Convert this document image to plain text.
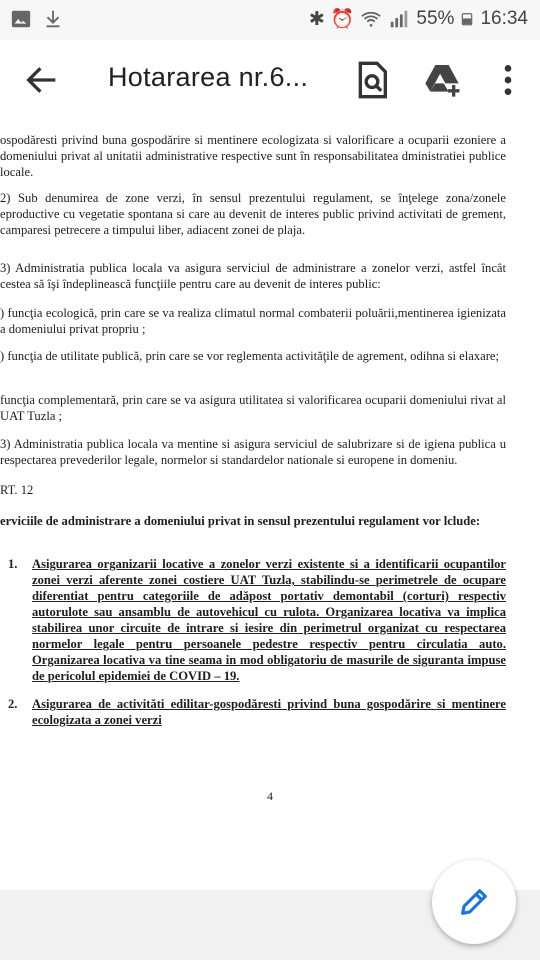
✱ ⏰	55% 16:34
Hotararea nr.6...

ospodăresti privind buna gospodărire si mentinere ecologizata si valorificare a ocuparii ezoniere a domeniului privat al unitatii administrative respective sunt în responsabilitatea dministratiei publice locale.

2) Sub denumirea de zone verzi, în sensul prezentului regulament, se înţelege zona/zonele eproductive cu vegetatie spontana si care au devenit de interes public privind activitati de grement, camparesi petrecere a timpului liber, adiacent zonei de plaja.

3) Administratia publica locala va asigura serviciul de administrare a zonelor verzi, astfel încât cestea să îşi îndeplinească funcţiile pentru care au devenit de interes public:

) funcţia ecologică, prin care se va realiza climatul normal combaterii poluării,mentinerea igienizata a domeniului privat propriu ;

) funcţia de utilitate publică, prin care se vor reglementa activităţile de agrement, odihna si elaxare;

funcţia complementară, prin care se va asigura utilitatea si valorificarea ocuparii domeniului rivat al UAT Tuzla ;

3) Administratia publica locala va mentine si asigura serviciul de salubrizare si de igiena publica u respectarea prevederilor legale, normelor si standardelor nationale si europene in domeniu.

RT. 12

erviciile de administrare a domeniului privat in sensul prezentului regulament vor lclude:

1.	Asigurarea organizarii locative a zonelor verzi existente si a identificarii ocupantilor zonei verzi aferente zonei costiere UAT Tuzla, stabilindu-se perimetrele de ocupare diferentiat pentru categoriile de adăpost portativ demontabil (corturi) respectiv autorulote sau ansamblu de autovehicul cu rulota. Organizarea locativa va implica stabilirea unor circuite de intrare si iesire din perimetrul organizat cu respectarea normelor legale pentru persoanele pedestre respectiv pentru circulatia auto. Organizarea locativa va tine seama in mod obligatoriu de masurile de siguranta impuse de pericolul epidemiei de COVID – 19.
2.	Asigurarea de activităti edilitar-gospodăresti privind buna gospodărire si mentinere ecologizata a zonei verzi
4
